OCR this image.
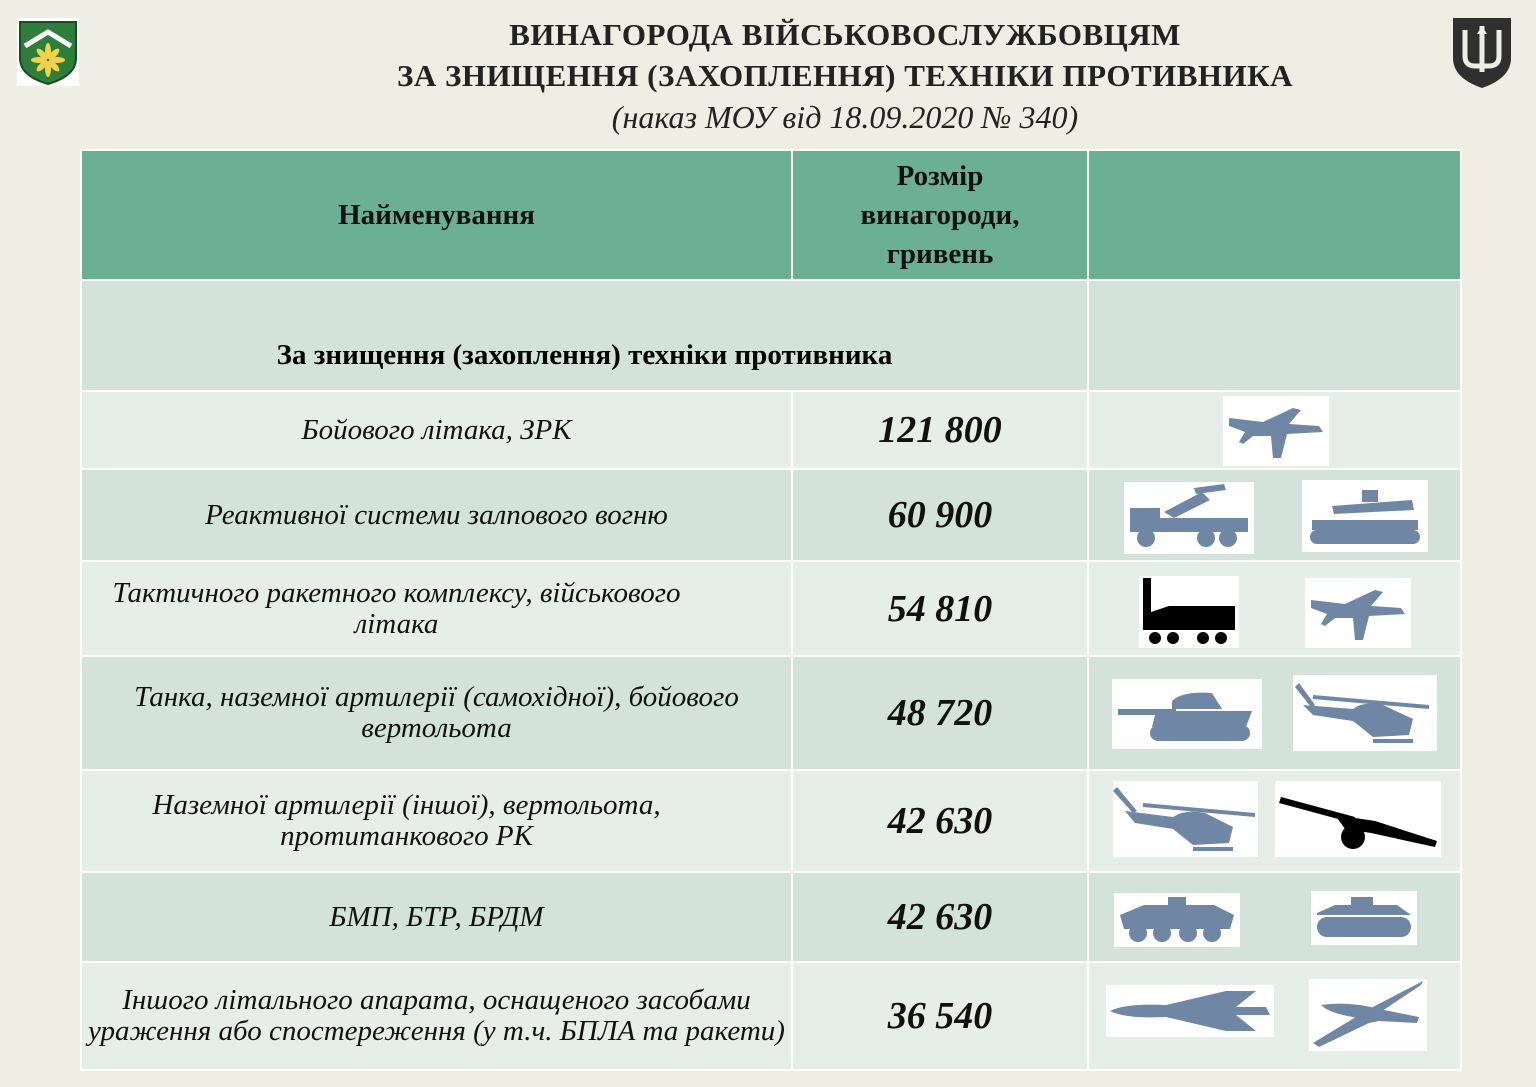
ВИНАГОРОДА ВІЙСЬКОВОСЛУЖБОВЦЯМ
ЗА ЗНИЩЕННЯ (ЗАХОПЛЕННЯ) ТЕХНІКИ ПРОТИВНИКА
(наказ МОУ від 18.09.2020 № 340)
Найменування	Розмір винагороди, гривень	
За знищення (захоплення) техніки противника		
Бойового літака, ЗРК	121 800	

Реактивної системи залпового вогню	60 900	

Тактичного ракетного комплексу, військового літака	54 810	

Танка, наземної артилерії (самохідної), бойового вертольота	48 720	

Наземної артилерії (іншої), вертольота, протитанкового РК	42 630	

БМП, БТР, БРДМ	42 630	

Іншого літального апарата, оснащеного засобами ураження або спостереження (у т.ч. БПЛА та ракети)	36 540	
